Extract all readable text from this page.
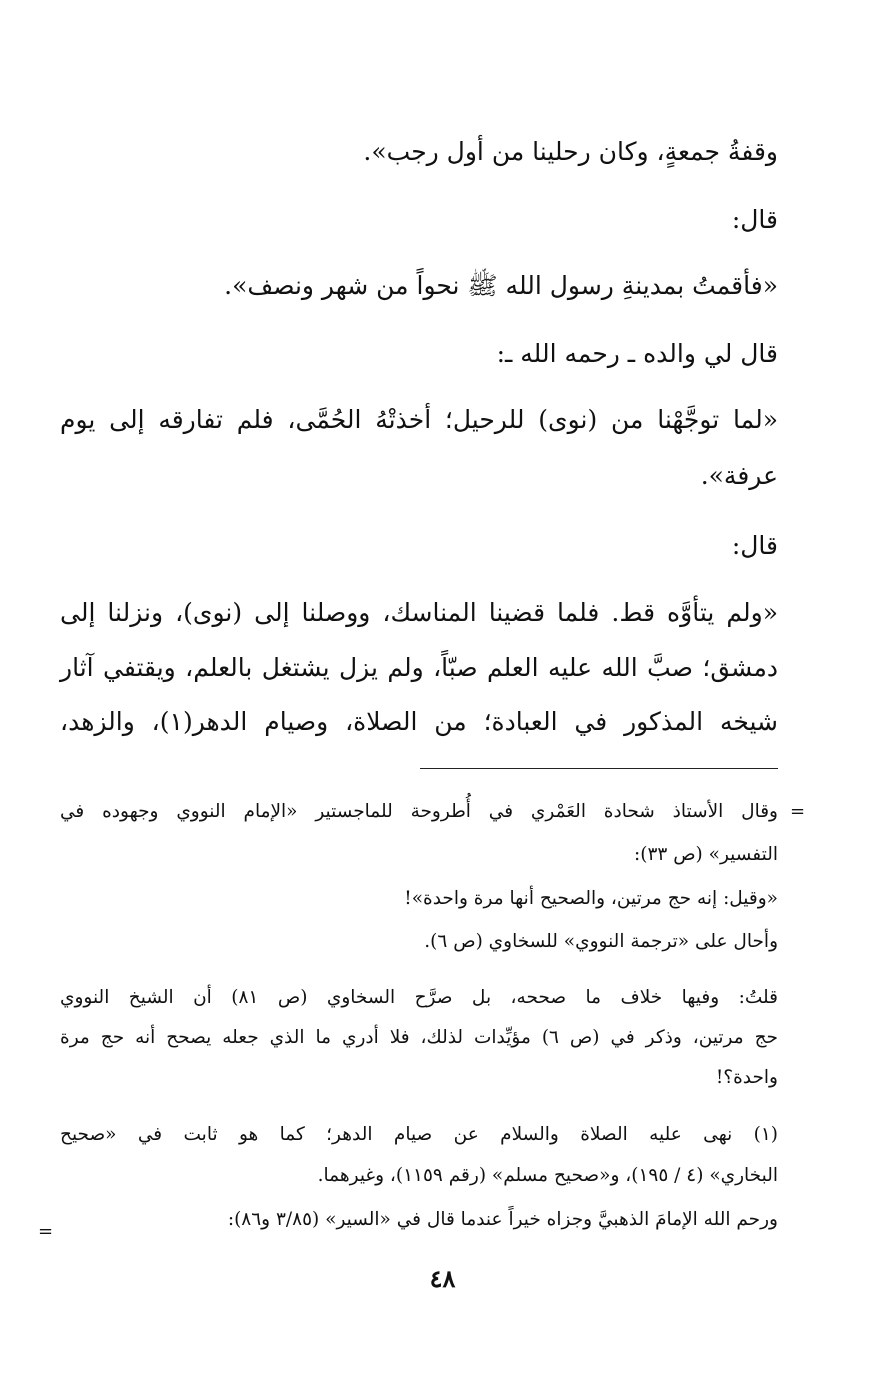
وقفةُ جمعةٍ، وكان رحلينا من أول رجب».

قال:

«فأقمتُ بمدينةِ رسول الله ﷺ نحواً من شهر ونصف».

قال لي والده ـ رحمه الله ـ:

«لما توجَّهْنا من (نوى) للرحيل؛ أخذتْهُ الحُمَّى، فلم تفارقه إلى يوم

عرفة».

قال:

«ولم يتأوَّه قط. فلما قضينا المناسك، ووصلنا إلى (نوى)، ونزلنا إلى

دمشق؛ صبَّ الله عليه العلم صبّاً، ولم يزل يشتغل بالعلم، ويقتفي آثار

شيخه المذكور في العبادة؛ من الصلاة، وصيام الدهر(١)، والزهد،

=

وقال الأستاذ شحادة العَمْري في أُطروحة للماجستير «الإمام النووي وجهوده في

التفسير» (ص ٣٣):

«وقيل: إنه حج مرتين، والصحيح أنها مرة واحدة»!

وأحال على «ترجمة النووي» للسخاوي (ص ٦).

قلتُ: وفيها خلاف ما صححه، بل صرَّح السخاوي (ص ٨١) أن الشيخ النووي

حج مرتين، وذكر في (ص ٦) مؤيِّدات لذلك، فلا أدري ما الذي جعله يصحح أنه حج مرة

واحدة؟!

(١) نهى عليه الصلاة والسلام عن صيام الدهر؛ كما هو ثابت في «صحيح

البخاري» (٤ / ١٩٥)، و«صحيح مسلم» (رقم ١١٥٩)، وغيرهما.

ورحم الله الإمامَ الذهبيَّ وجزاه خيراً عندما قال في «السير» (٣/٨٥ و٨٦):

=
٤٨
